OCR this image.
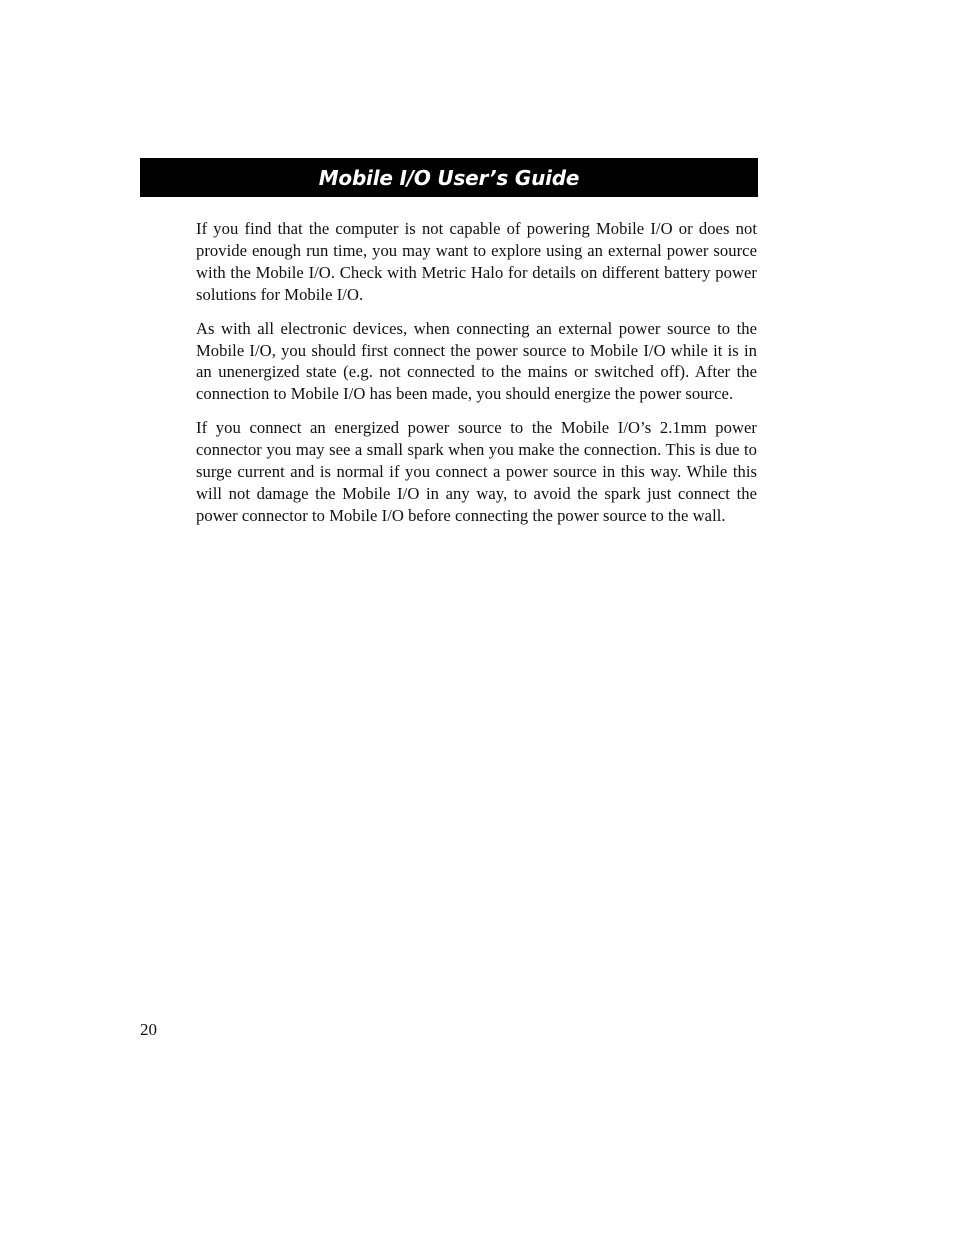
Mobile I/O User’s Guide

If you find that the computer is not capable of powering Mobile I/O or does not provide enough run time, you may want to explore using an external power source with the Mobile I/O. Check with Metric Halo for details on different battery power solutions for Mobile I/O.

As with all electronic devices, when connecting an external power source to the Mobile I/O, you should first connect the power source to Mobile I/O while it is in an unenergized state (e.g. not connected to the mains or switched off). After the connection to Mobile I/O has been made, you should energize the power source.

If you connect an energized power source to the Mobile I/O’s 2.1mm power connector you may see a small spark when you make the connection. This is due to surge current and is normal if you connect a power source in this way. While this will not damage the Mobile I/O in any way, to avoid the spark just connect the power connector to Mobile I/O before connecting the power source to the wall.

20
